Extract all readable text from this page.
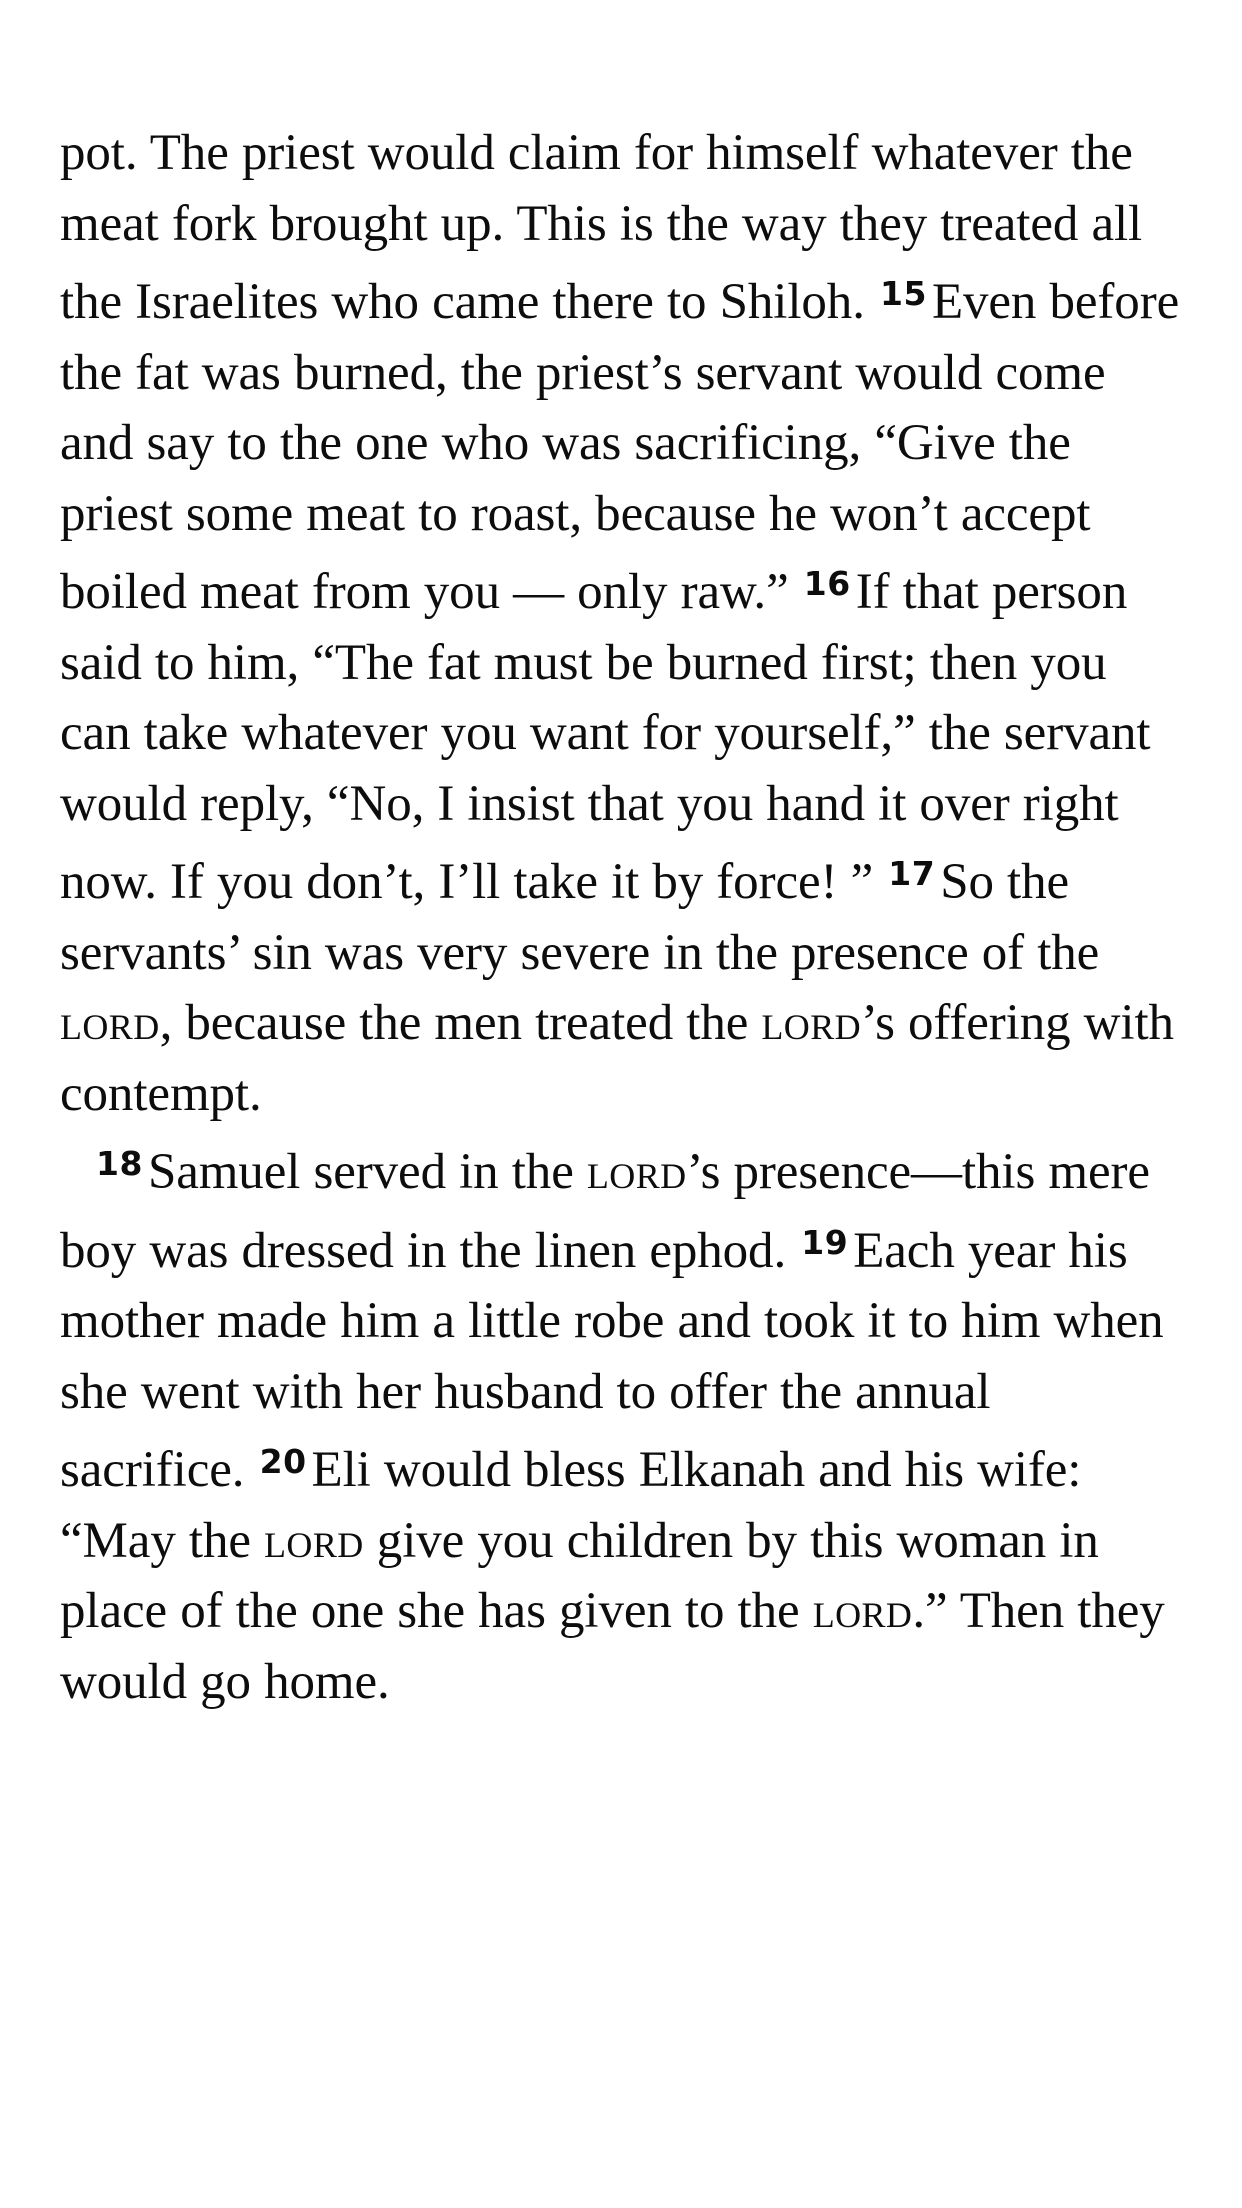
pot. The priest would claim for himself whatever the meat fork brought up. This is the way they treated all the Israelites who came there to Shiloh. $^{15}$Even before the fat was burned, the priest’s servant would come and say to the one who was sacrificing, “Give the priest some meat to roast, because he won’t accept boiled meat from you — only raw.” $^{16}$If that person said to him, “The fat must be burned first; then you can take whatever you want for yourself,” the servant would reply, “No, I insist that you hand it over right now. If you don’t, I’ll take it by force! ” $^{17}$So the servants’ sin was very severe in the presence of the lord, because the men treated the lord’s offering with contempt.

$^{18}$Samuel served in the lord’s presence—this mere boy was dressed in the linen ephod. $^{19}$Each year his mother made him a little robe and took it to him when she went with her husband to offer the annual sacrifice. $^{20}$Eli would bless Elkanah and his wife: “May the lord give you children by this woman in place of the one she has given to the lord.” Then they would go home.
